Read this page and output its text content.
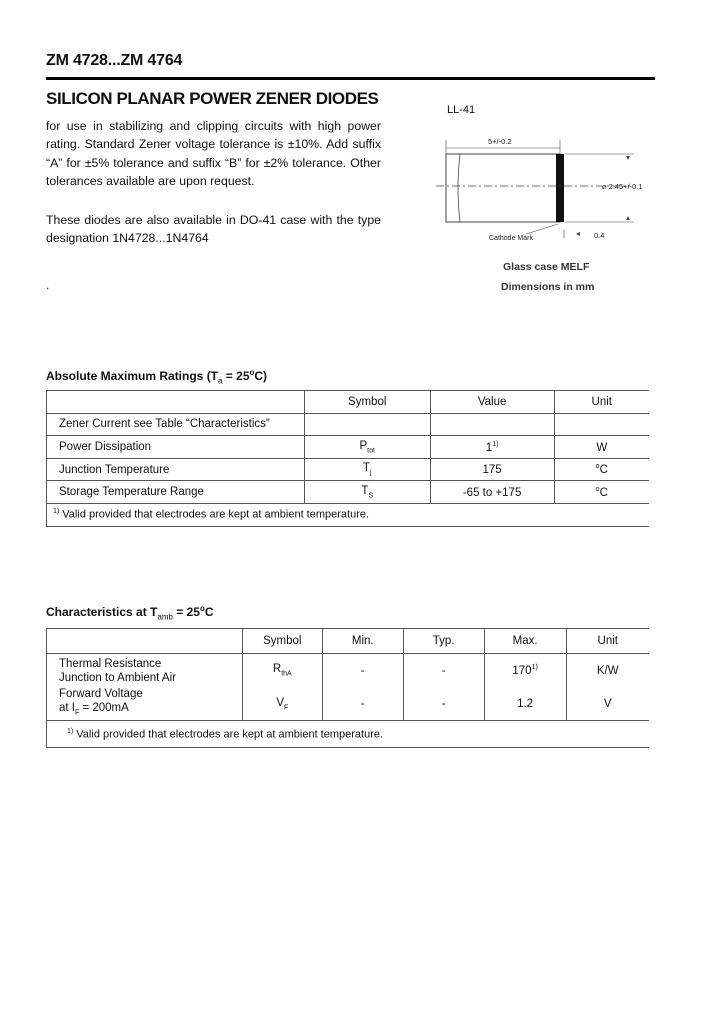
ZM 4728...ZM 4764
SILICON PLANAR POWER ZENER DIODES
for use in stabilizing and clipping circuits with high power rating. Standard Zener voltage tolerance is ±10%. Add suffix “A” for ±5% tolerance and suffix “B” for ±2% tolerance. Other tolerances available are upon request.
These diodes are also available in DO-41 case with the type designation 1N4728...1N4764
.
LL-41
5+/-0.2
⌀ 2.45+/-0.1
0.4
Cathode Mark
Glass case MELF
Dimensions in mm
Absolute Maximum Ratings $(T_a = 25^oC)$
	Symbol	Value	Unit
Zener Current see Table “Characteristics”			
Power Dissipation	$P_{tot}$	1$^{1)}$	W
Junction Temperature	$T_j$	175	$^o$C
Storage Temperature Range	$T_S$	-65 to +175	$^o$C
$^{1)}$ Valid provided that electrodes are kept at ambient temperature.			
Characteristics at $T_{amb} = 25^oC$
	Symbol	Min.	Typ.	Max.	Unit

Thermal Resistance
Junction to Ambient Air	$R_{thA}$	-	-	170$^{1)}$	K/W

Forward Voltage
at $I_F = 200mA$	$V_F$	-	-	1.2	V
$^{1)}$ Valid provided that electrodes are kept at ambient temperature.					
